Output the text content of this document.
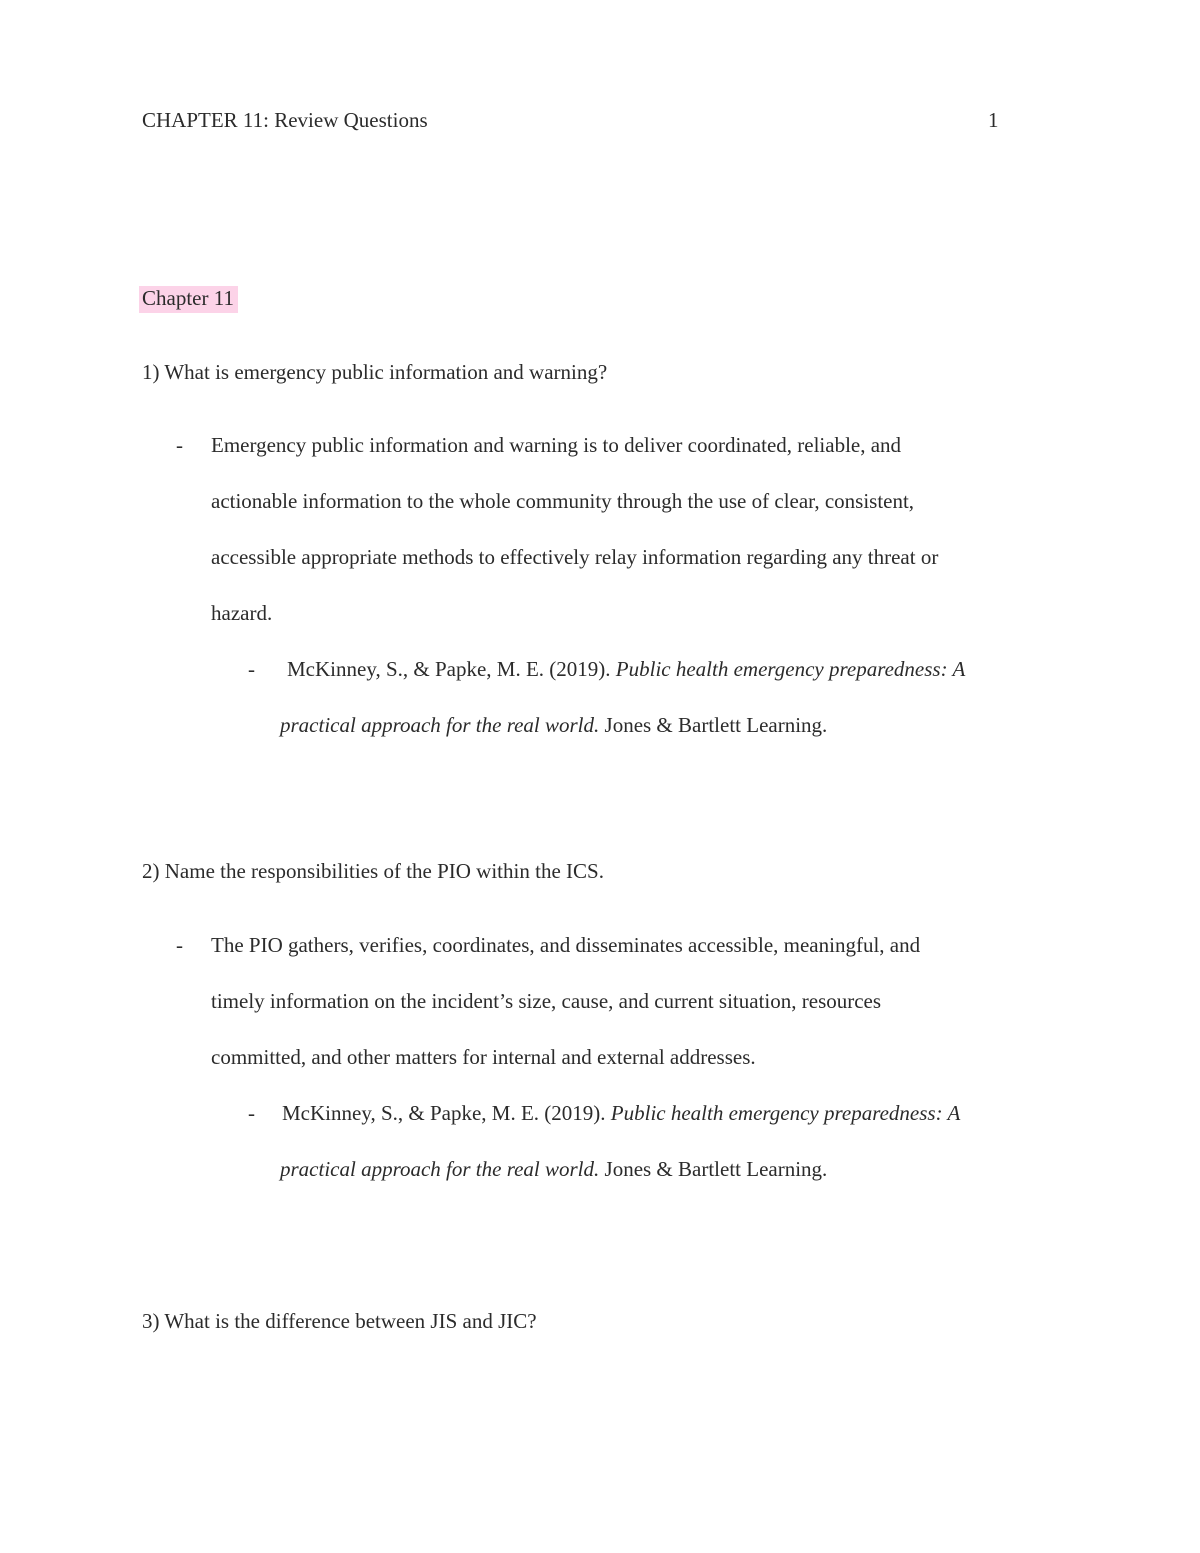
CHAPTER 11: Review Questions	1
Chapter 11
1) What is emergency public information and warning?
- Emergency public information and warning is to deliver coordinated, reliable, and
actionable information to the whole community through the use of clear, consistent,
accessible appropriate methods to effectively relay information regarding any threat or
hazard.
- McKinney, S., & Papke, M. E. (2019). Public health emergency preparedness: A
practical approach for the real world. Jones & Bartlett Learning.
2) Name the responsibilities of the PIO within the ICS.
- The PIO gathers, verifies, coordinates, and disseminates accessible, meaningful, and
timely information on the incident’s size, cause, and current situation, resources
committed, and other matters for internal and external addresses.
- McKinney, S., & Papke, M. E. (2019). Public health emergency preparedness: A
practical approach for the real world. Jones & Bartlett Learning.
3) What is the difference between JIS and JIC?
